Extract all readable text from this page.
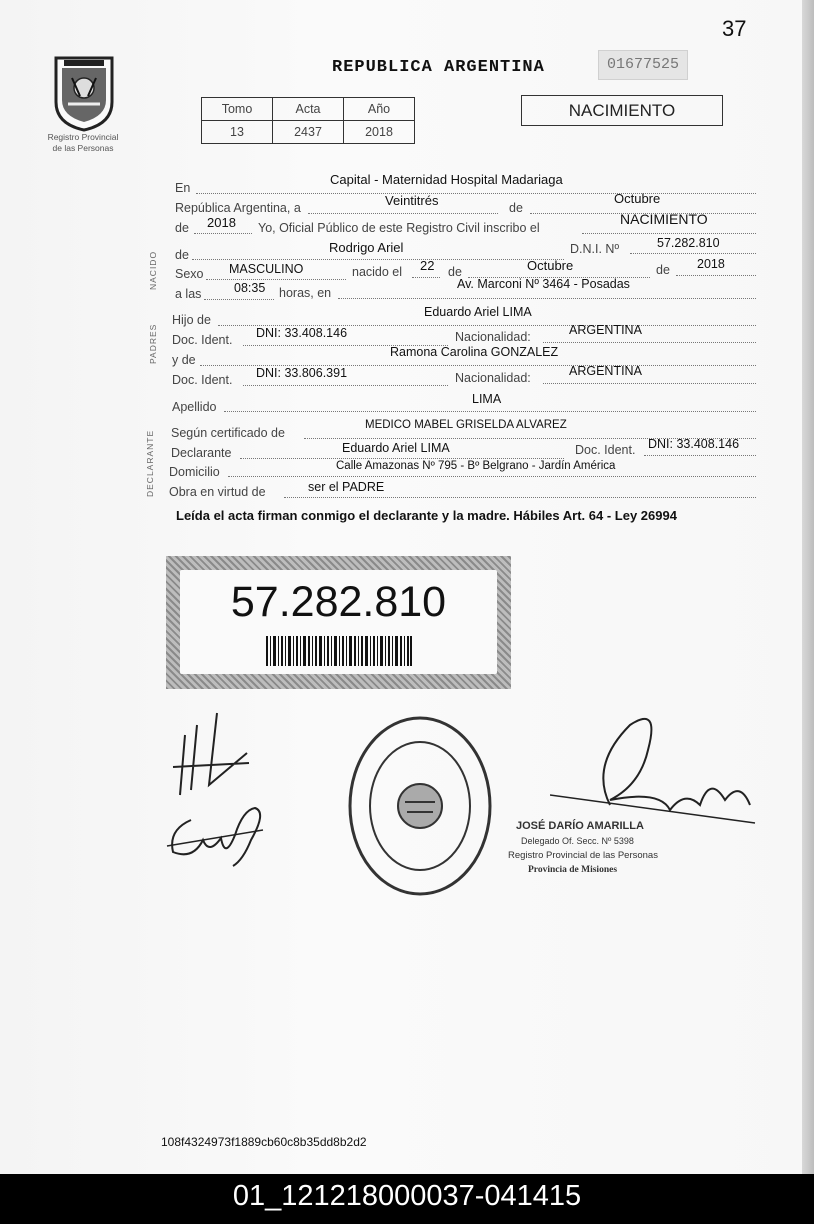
37
Registro Provincial
de las Personas
REPUBLICA ARGENTINA	01677525
Tomo	Acta	Año
13	2437	2018
NACIMIENTO
NACIDO
PADRES
DECLARANTE
En
Capital - Maternidad Hospital Madariaga
República Argentina, a	Veintitrés	de
Octubre
de 2018 Yo, Oficial Público de este Registro Civil inscribo el
NACIMIENTO
de	Rodrigo Ariel	D.N.I. Nº	57.282.810
Sexo MASCULINO	nacido el 22 de	Octubre	de 2018
a las	08:35 horas, en
Av. Marconi Nº 3464 - Posadas
Hijo de
Eduardo Ariel LIMA
Doc. Ident. DNI: 33.408.146	Nacionalidad:	ARGENTINA
y de
Ramona Carolina GONZALEZ
Doc. Ident. DNI: 33.806.391	Nacionalidad:	ARGENTINA
Apellido
LIMA
Según certificado de
MEDICO MABEL GRISELDA ALVAREZ
Declarante	Eduardo Ariel LIMA	Doc. Ident. DNI: 33.408.146
Domicilio	Calle Amazonas Nº 795 - Bº Belgrano - Jardín América
Obra en virtud de	ser el PADRE
Leída el acta firman conmigo el declarante y la madre. Hábiles Art. 64 - Ley 26994
57.282.810
JOSÉ DARÍO AMARILLA
Delegado Of. Secc. Nº 5398
Registro Provincial de las Personas
Provincia de Misiones
108f4324973f1889cb60c8b35dd8b2d2
01_121218000037-041415
